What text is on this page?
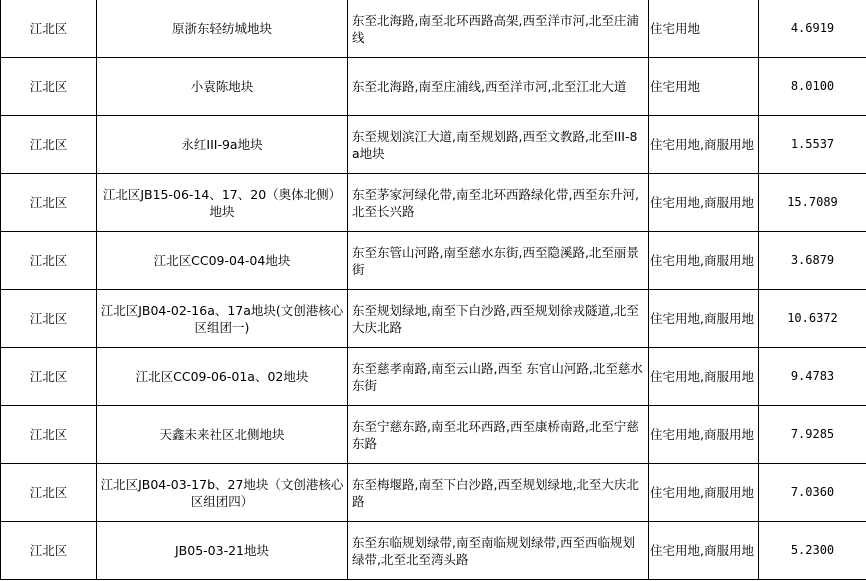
江北区	原浙东轻纺城地块	东至北海路,南至北环西路高架,西至洋市河,北至庄浦线	住宅用地	4.6919
江北区	小袁陈地块	东至北海路,南至庄浦线,西至洋市河,北至江北大道	住宅用地	8.0100
江北区	永红III-9a地块	东至规划滨江大道,南至规划路,西至文教路,北至III-8a地块	住宅用地,商服用地	1.5537
江北区	江北区JB15-06-14、17、20（奥体北侧）地块	东至茅家河绿化带,南至北环西路绿化带,西至东升河,北至长兴路	住宅用地,商服用地	15.7089
江北区	江北区CC09-04-04地块	东至东管山河路,南至慈水东街,西至隐溪路,北至丽景街	住宅用地,商服用地	3.6879
江北区	江北区JB04-02-16a、17a地块(文创港核心区组团一)	东至规划绿地,南至下白沙路,西至规划徐戎隧道,北至大庆北路	住宅用地,商服用地	10.6372
江北区	江北区CC09-06-01a、02地块	东至慈孝南路,南至云山路,西至 东官山河路,北至慈水东街	住宅用地,商服用地	9.4783
江北区	天鑫未来社区北侧地块	东至宁慈东路,南至北环西路,西至康桥南路,北至宁慈东路	住宅用地,商服用地	7.9285
江北区	江北区JB04-03-17b、27地块（文创港核心区组团四）	东至梅堰路,南至下白沙路,西至规划绿地,北至大庆北路	住宅用地,商服用地	7.0360
江北区	JB05-03-21地块	东至东临规划绿带,南至南临规划绿带,西至西临规划绿带,北至北至湾头路	住宅用地,商服用地	5.2300
